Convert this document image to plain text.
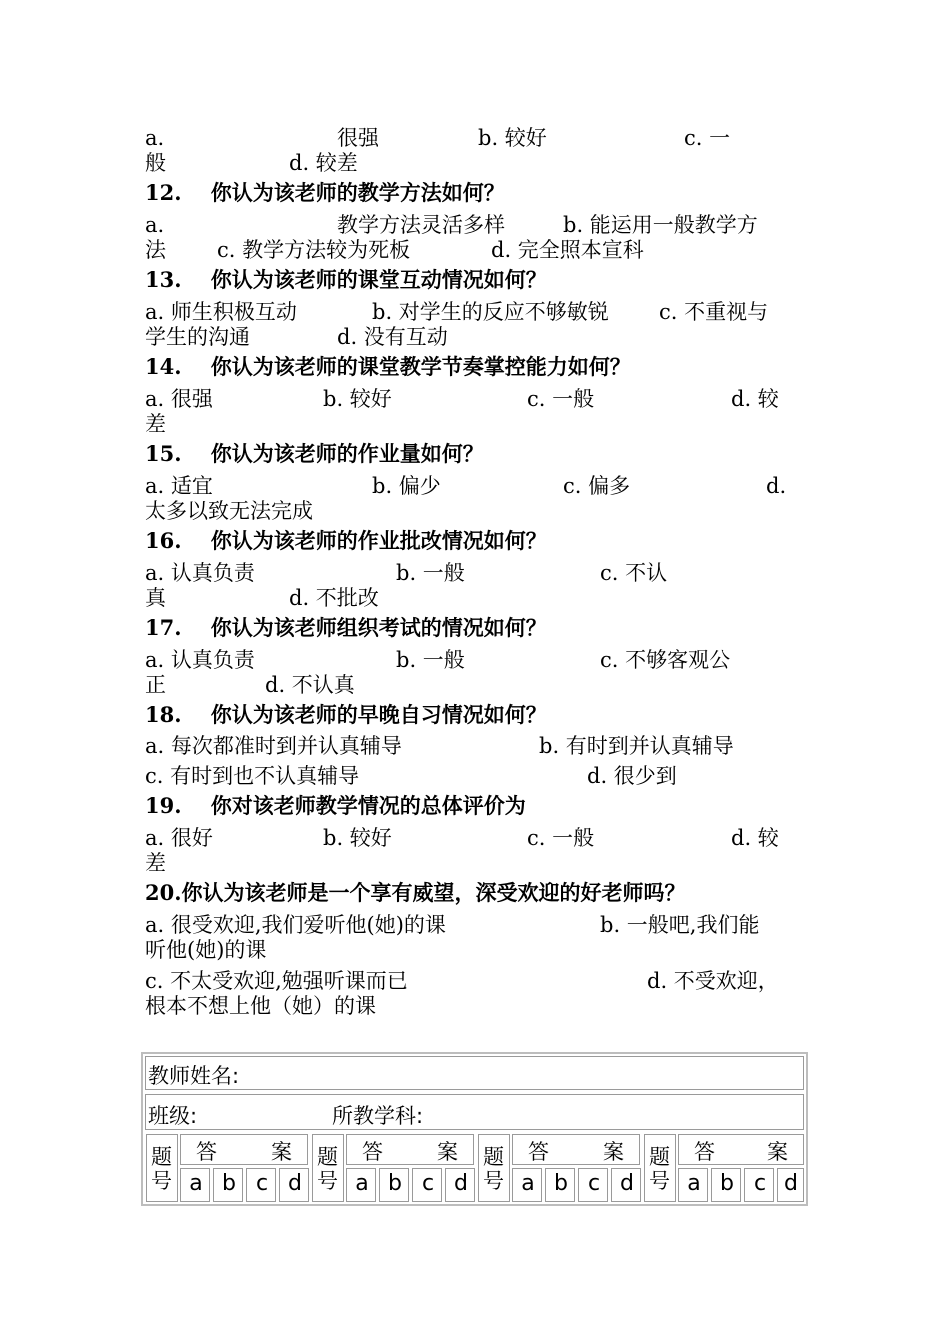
a.	很强	b. 较好	c. 一
般	d. 较差
12. 你认为该老师的教学方法如何？
a.	教学方法灵活多样	b. 能运用一般教学方
法 c. 教学方法较为死板	d. 完全照本宣科
13. 你认为该老师的课堂互动情况如何？
a. 师生积极互动	b. 对学生的反应不够敏锐 c. 不重视与
学生的沟通	d. 没有互动
14. 你认为该老师的课堂教学节奏掌控能力如何？
a. 很强	b. 较好	c. 一般	d. 较
差
15. 你认为该老师的作业量如何？
a. 适宜	b. 偏少	c. 偏多	d.
太多以致无法完成
16. 你认为该老师的作业批改情况如何？
a. 认真负责	b. 一般	c. 不认
真	d. 不批改
17. 你认为该老师组织考试的情况如何？
a. 认真负责	b. 一般	c. 不够客观公
正	d. 不认真
18. 你认为该老师的早晚自习情况如何？
a. 每次都准时到并认真辅导	b. 有时到并认真辅导
c. 有时到也不认真辅导	d. 很少到
19. 你对该老师教学情况的总体评价为
a. 很好	b. 较好	c. 一般	d. 较
差
20.你认为该老师是一个享有威望，深受欢迎的好老师吗？
a. 很受欢迎,我们爱听他(她)的课	b. 一般吧,我们能
听他(她)的课
c. 不太受欢迎,勉强听课而已	d. 不受欢迎，
根本不想上他（她）的课
教师姓名:
班级:	所教学科:
题
号
答	案
a b c d
题
号
答	案
a b c d
题
号
答	案
a b c d
题
号
答 案
a b c d
